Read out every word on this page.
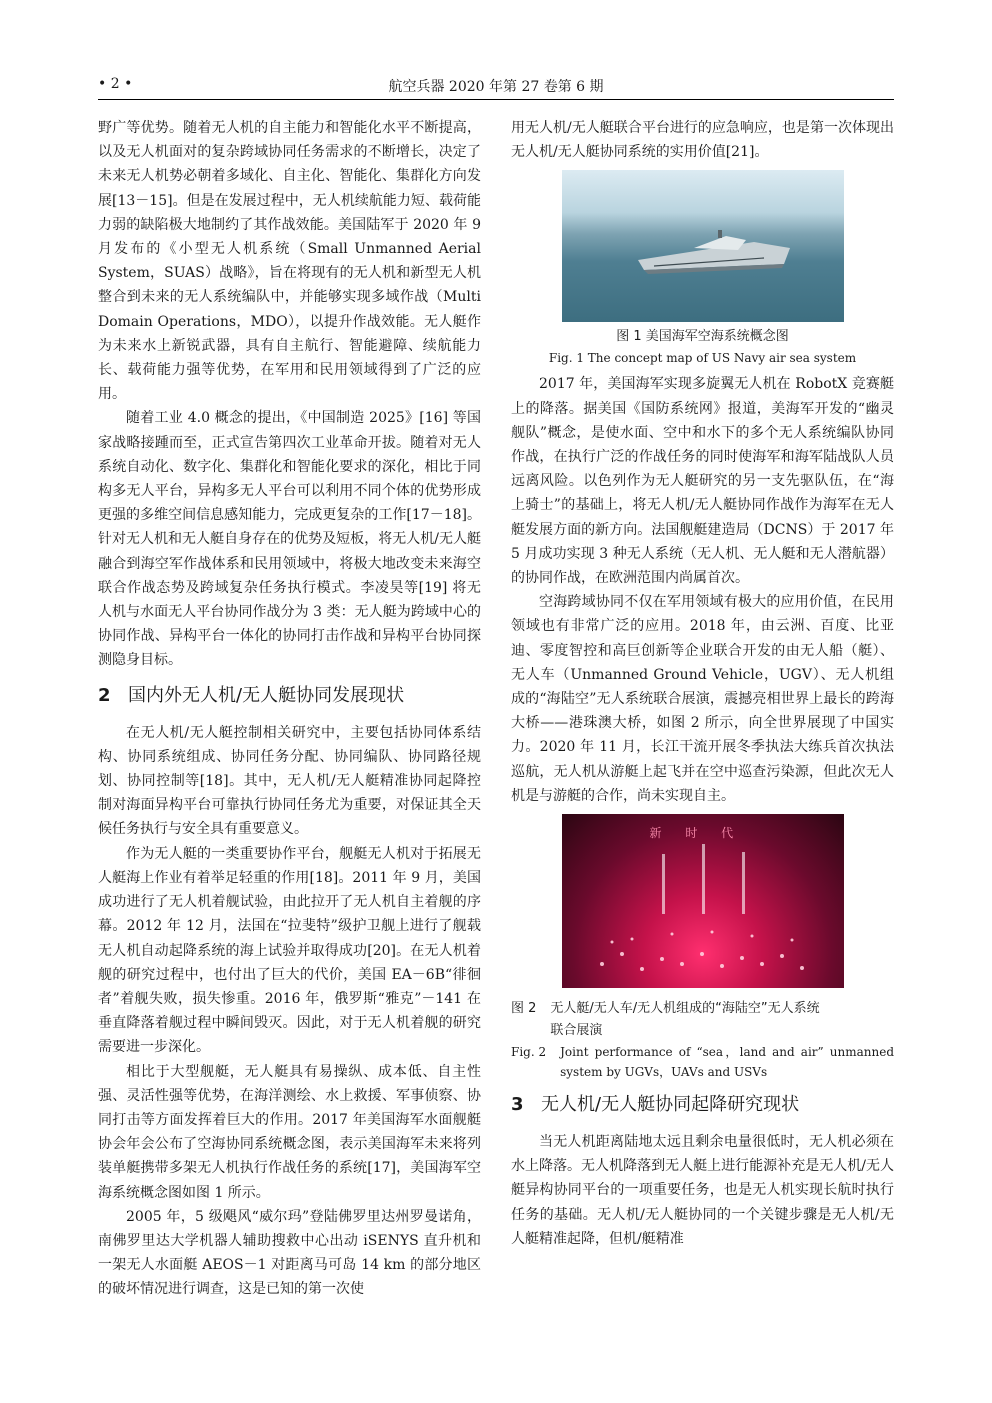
• 2 •	航空兵器 2020 年第 27 卷第 6 期

野广等优势。随着无人机的自主能力和智能化水平不断提高，以及无人机面对的复杂跨域协同任务需求的不断增长，决定了未来无人机势必朝着多域化、自主化、智能化、集群化方向发展[13－15]。但是在发展过程中，无人机续航能力短、载荷能力弱的缺陷极大地制约了其作战效能。美国陆军于 2020 年 9 月发布的《小型无人机系统（Small Unmanned Aerial System，SUAS）战略》，旨在将现有的无人机和新型无人机整合到未来的无人系统编队中，并能够实现多域作战（Multi Domain Operations，MDO），以提升作战效能。无人艇作为未来水上新锐武器，具有自主航行、智能避障、续航能力长、载荷能力强等优势，在军用和民用领域得到了广泛的应用。

随着工业 4.0 概念的提出，《中国制造 2025》[16] 等国家战略接踵而至，正式宣告第四次工业革命开拔。随着对无人系统自动化、数字化、集群化和智能化要求的深化，相比于同构多无人平台，异构多无人平台可以利用不同个体的优势形成更强的多维空间信息感知能力，完成更复杂的工作[17－18]。针对无人机和无人艇自身存在的优势及短板，将无人机/无人艇融合到海空军作战体系和民用领域中，将极大地改变未来海空联合作战态势及跨域复杂任务执行模式。李凌昊等[19] 将无人机与水面无人平台协同作战分为 3 类：无人艇为跨域中心的协同作战、异构平台一体化的协同打击作战和异构平台协同探测隐身目标。

2 国内外无人机/无人艇协同发展现状

在无人机/无人艇控制相关研究中，主要包括协同体系结构、协同系统组成、协同任务分配、协同编队、协同路径规划、协同控制等[18]。其中，无人机/无人艇精准协同起降控制对海面异构平台可靠执行协同任务尤为重要，对保证其全天候任务执行与安全具有重要意义。

作为无人艇的一类重要协作平台，舰艇无人机对于拓展无人艇海上作业有着举足轻重的作用[18]。2011 年 9 月，美国成功进行了无人机着舰试验，由此拉开了无人机自主着舰的序幕。2012 年 12 月，法国在“拉斐特”级护卫舰上进行了舰载无人机自动起降系统的海上试验并取得成功[20]。在无人机着舰的研究过程中，也付出了巨大的代价，美国 EA－6B“徘徊者”着舰失败，损失惨重。2016 年，俄罗斯“雅克”－141 在垂直降落着舰过程中瞬间毁灭。因此，对于无人机着舰的研究需要进一步深化。

相比于大型舰艇，无人艇具有易操纵、成本低、自主性强、灵活性强等优势，在海洋测绘、水上救援、军事侦察、协同打击等方面发挥着巨大的作用。2017 年美国海军水面舰艇协会年会公布了空海协同系统概念图，表示美国海军未来将列装单艇携带多架无人机执行作战任务的系统[17]，美国海军空海系统概念图如图 1 所示。

2005 年，5 级飓风“威尔玛”登陆佛罗里达州罗曼诺角，南佛罗里达大学机器人辅助搜救中心出动 iSENYS 直升机和一架无人水面艇 AEOS－1 对距离马可岛 14 km 的部分地区的破坏情况进行调查，这是已知的第一次使

用无人机/无人艇联合平台进行的应急响应，也是第一次体现出无人机/无人艇协同系统的实用价值[21]。

图 1 美国海军空海系统概念图
Fig. 1 The concept map of US Navy air sea system

2017 年，美国海军实现多旋翼无人机在 RobotX 竞赛艇上的降落。据美国《国防系统网》报道，美海军开发的“幽灵舰队”概念，是使水面、空中和水下的多个无人系统编队协同作战，在执行广泛的作战任务的同时使海军和海军陆战队人员远离风险。以色列作为无人艇研究的另一支先驱队伍，在“海上骑士”的基础上，将无人机/无人艇协同作战作为海军在无人艇发展方面的新方向。法国舰艇建造局（DCNS）于 2017 年 5 月成功实现 3 种无人系统（无人机、无人艇和无人潜航器）的协同作战，在欧洲范围内尚属首次。

空海跨域协同不仅在军用领域有极大的应用价值，在民用领域也有非常广泛的应用。2018 年，由云洲、百度、比亚迪、零度智控和高巨创新等企业联合开发的由无人船（艇）、无人车（Unmanned Ground Vehicle，UGV）、无人机组成的“海陆空”无人系统联合展演，震撼亮相世界上最长的跨海大桥——港珠澳大桥，如图 2 所示，向全世界展现了中国实力。2020 年 11 月，长江干流开展冬季执法大练兵首次执法巡航，无人机从游艇上起飞并在空中巡查污染源，但此次无人机是与游艇的合作，尚未实现自主。

新 时 代
图 2 无人艇/无人车/无人机组成的“海陆空”无人系统联合展演
Fig. 2 Joint performance of “sea，land and air” unmanned system by UGVs，UAVs and USVs
3 无人机/无人艇协同起降研究现状

当无人机距离陆地太远且剩余电量很低时，无人机必须在水上降落。无人机降落到无人艇上进行能源补充是无人机/无人艇异构协同平台的一项重要任务，也是无人机实现长航时执行任务的基础。无人机/无人艇协同的一个关键步骤是无人机/无人艇精准起降，但机/艇精准
